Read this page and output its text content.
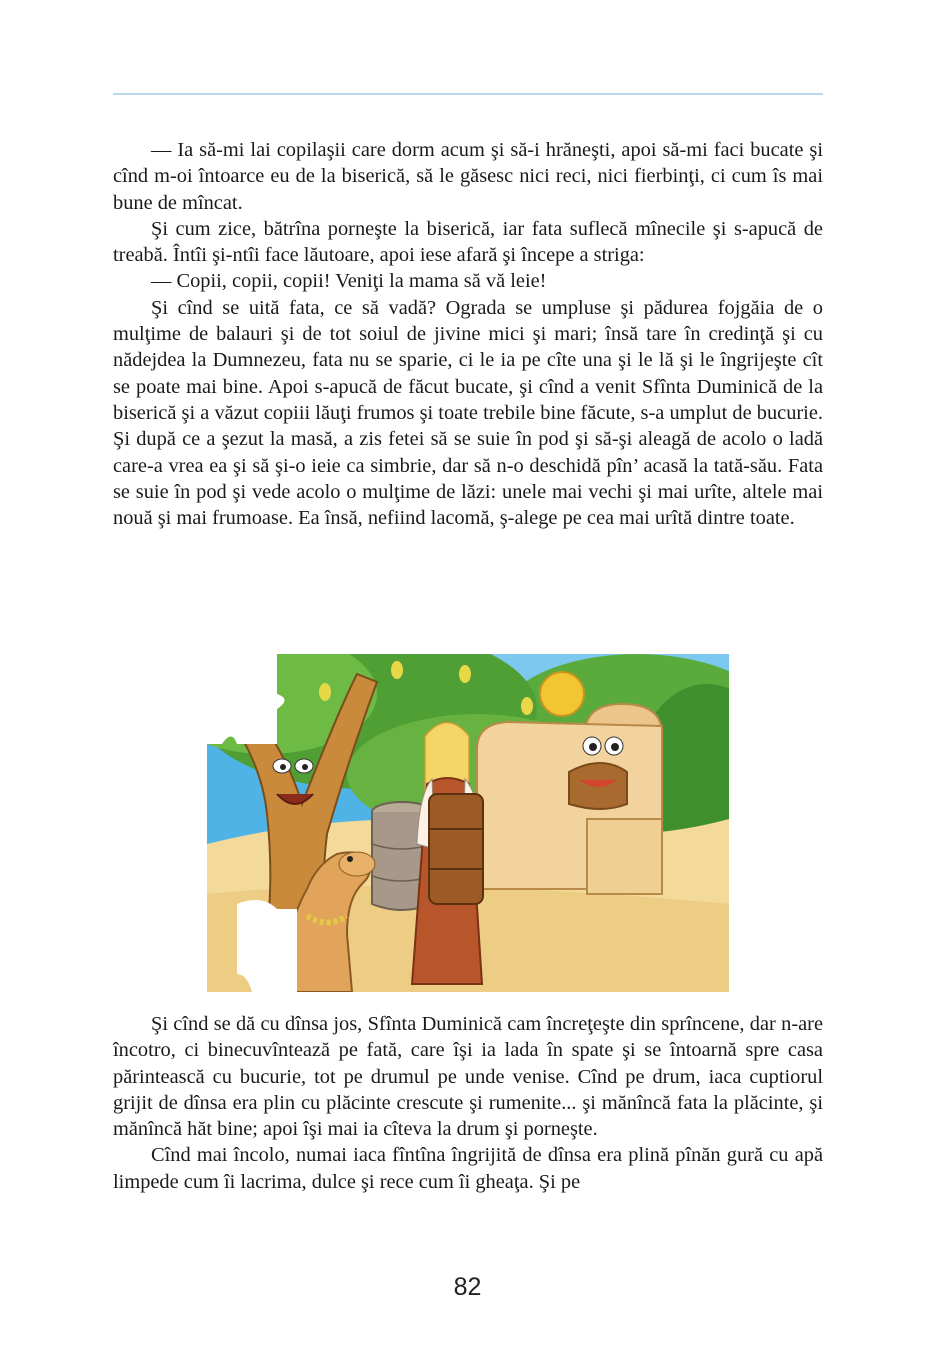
— Ia să-mi lai copilaşii care dorm acum şi să-i hrăneşti, apoi să-mi faci bucate şi cînd m-oi întoarce eu de la biserică, să le găsesc nici reci, nici fierbinţi, ci cum îs mai bune de mîncat.

Şi cum zice, bătrîna porneşte la biserică, iar fata suflecă mînecile şi s-apucă de treabă. Întîi şi-ntîi face lăutoare, apoi iese afară şi începe a striga:

— Copii, copii, copii! Veniţi la mama să vă leie!

Şi cînd se uită fata, ce să vadă? Ograda se umpluse şi pădurea fojgăia de o mulţime de balauri şi de tot soiul de jivine mici şi mari; însă tare în credinţă şi cu nădejdea la Dumnezeu, fata nu se sparie, ci le ia pe cîte una şi le lă şi le îngrijeşte cît se poate mai bine. Apoi s-apucă de făcut bucate, şi cînd a venit Sfînta Duminică de la biserică şi a văzut copiii lăuţi frumos şi toate trebile bine făcute, s-a umplut de bucurie. Şi după ce a şezut la masă, a zis fetei să se suie în pod şi să-şi aleagă de acolo o ladă care-a vrea ea şi să şi-o ieie ca simbrie, dar să n-o deschidă pîn’ acasă la tată-său. Fata se suie în pod şi vede acolo o mulţime de lăzi: unele mai vechi şi mai urîte, altele mai nouă şi mai frumoase. Ea însă, nefiind lacomă, ş-alege pe cea mai urîtă dintre toate.

Şi cînd se dă cu dînsa jos, Sfînta Duminică cam încreţeşte din sprîncene, dar n-are încotro, ci binecuvîntează pe fată, care îşi ia lada în spate şi se întoarnă spre casa părintească cu bucurie, tot pe drumul pe unde venise. Cînd pe drum, iaca cuptiorul grijit de dînsa era plin cu plăcinte crescute şi rumenite... şi mănîncă fata la plăcinte, şi mănîncă hăt bine; apoi îşi mai ia cîteva la drum şi porneşte.

Cînd mai încolo, numai iaca fîntîna îngrijită de dînsa era plină pînăn gură cu apă limpede cum îi lacrima, dulce şi rece cum îi gheaţa. Şi pe

82
